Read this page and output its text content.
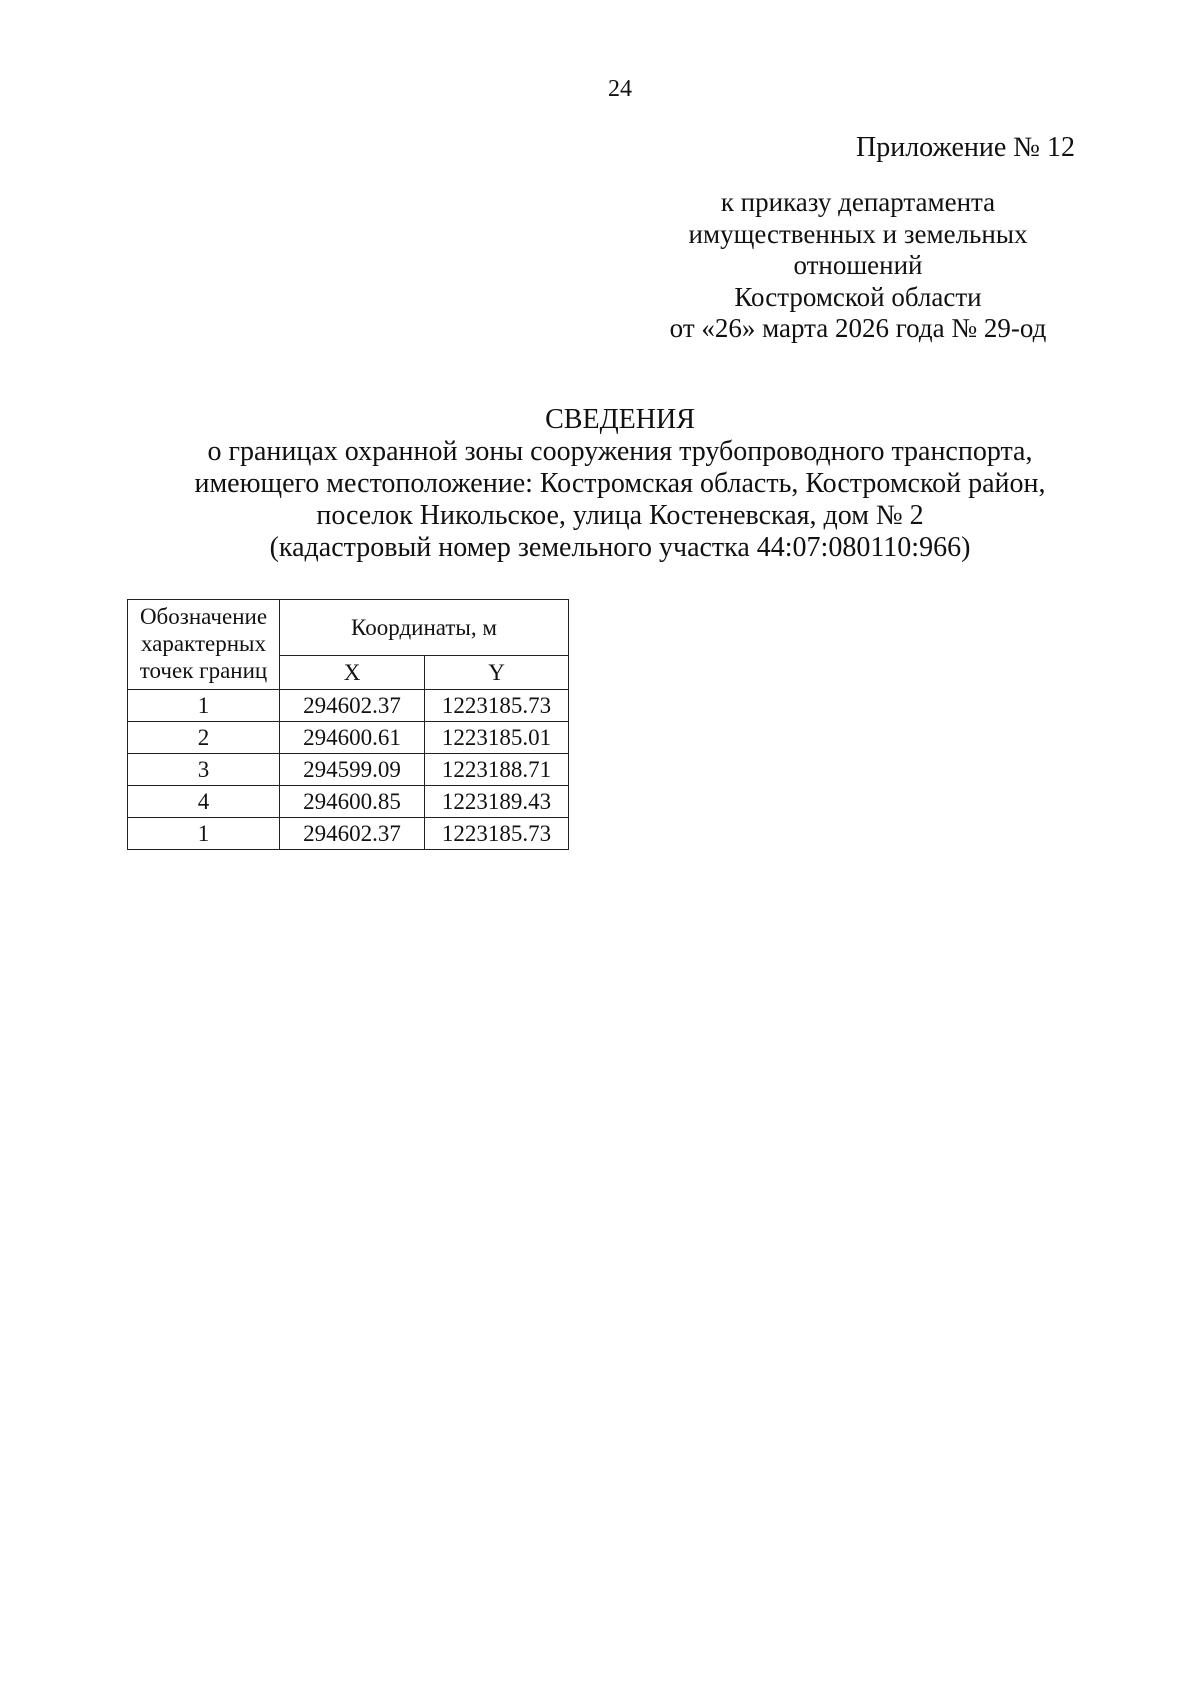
24
Приложение № 12
к приказу департамента
имущественных и земельных
отношений
Костромской области
от «26» марта 2026 года № 29-од
СВЕДЕНИЯ
о границах охранной зоны сооружения трубопроводного транспорта,
имеющего местоположение: Костромская область, Костромской район,
поселок Никольское, улица Костеневская, дом № 2
(кадастровый номер земельного участка 44:07:080110:966)
Обозначение
характерных
точек границ	Координаты, м	
	X	Y
1	294602.37	1223185.73
2	294600.61	1223185.01
3	294599.09	1223188.71
4	294600.85	1223189.43
1	294602.37	1223185.73
